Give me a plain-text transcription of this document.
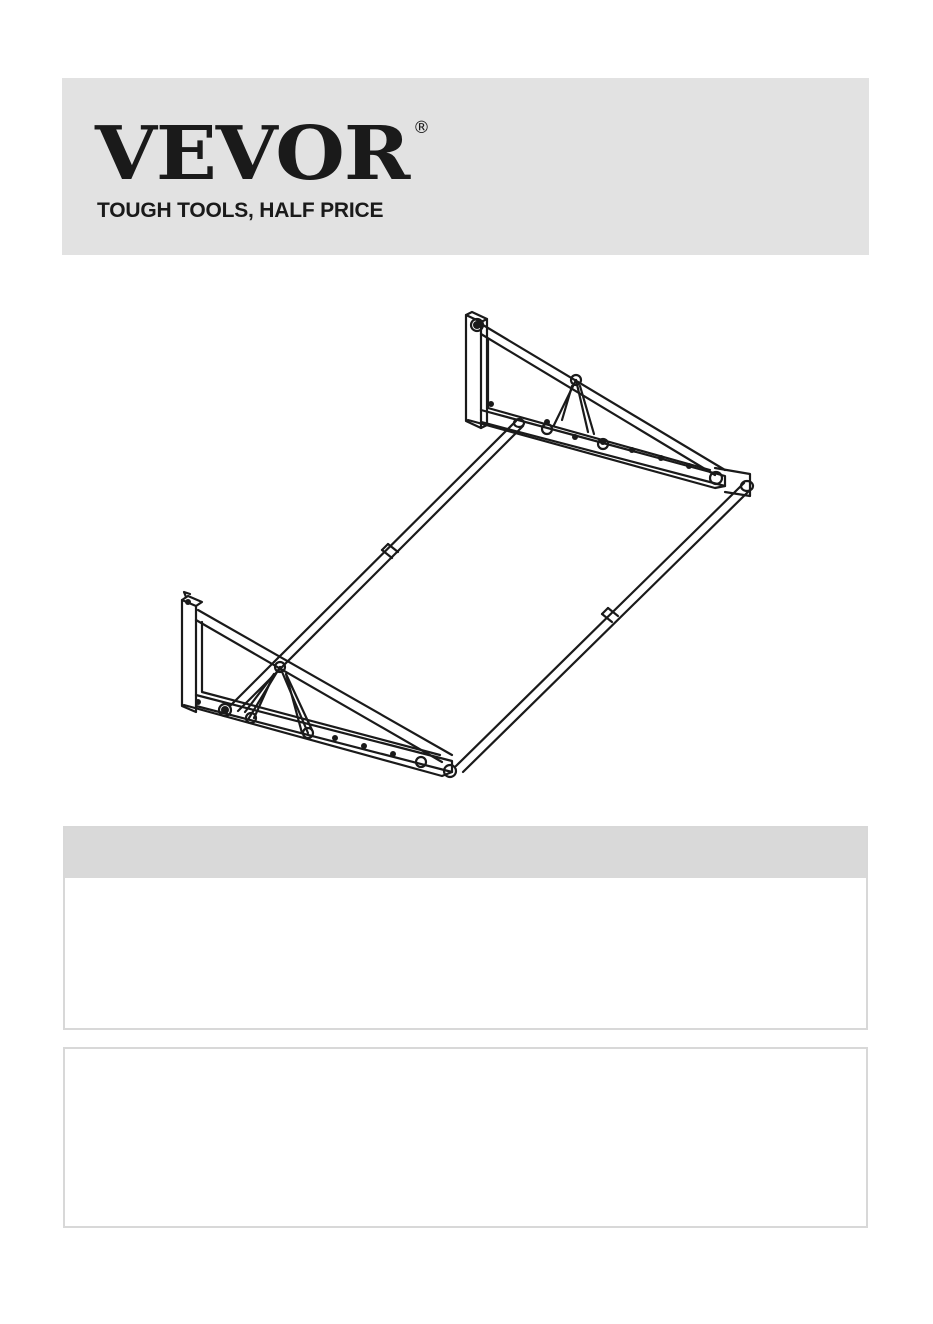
VEVOR ®
TOUGH TOOLS, HALF PRICE
